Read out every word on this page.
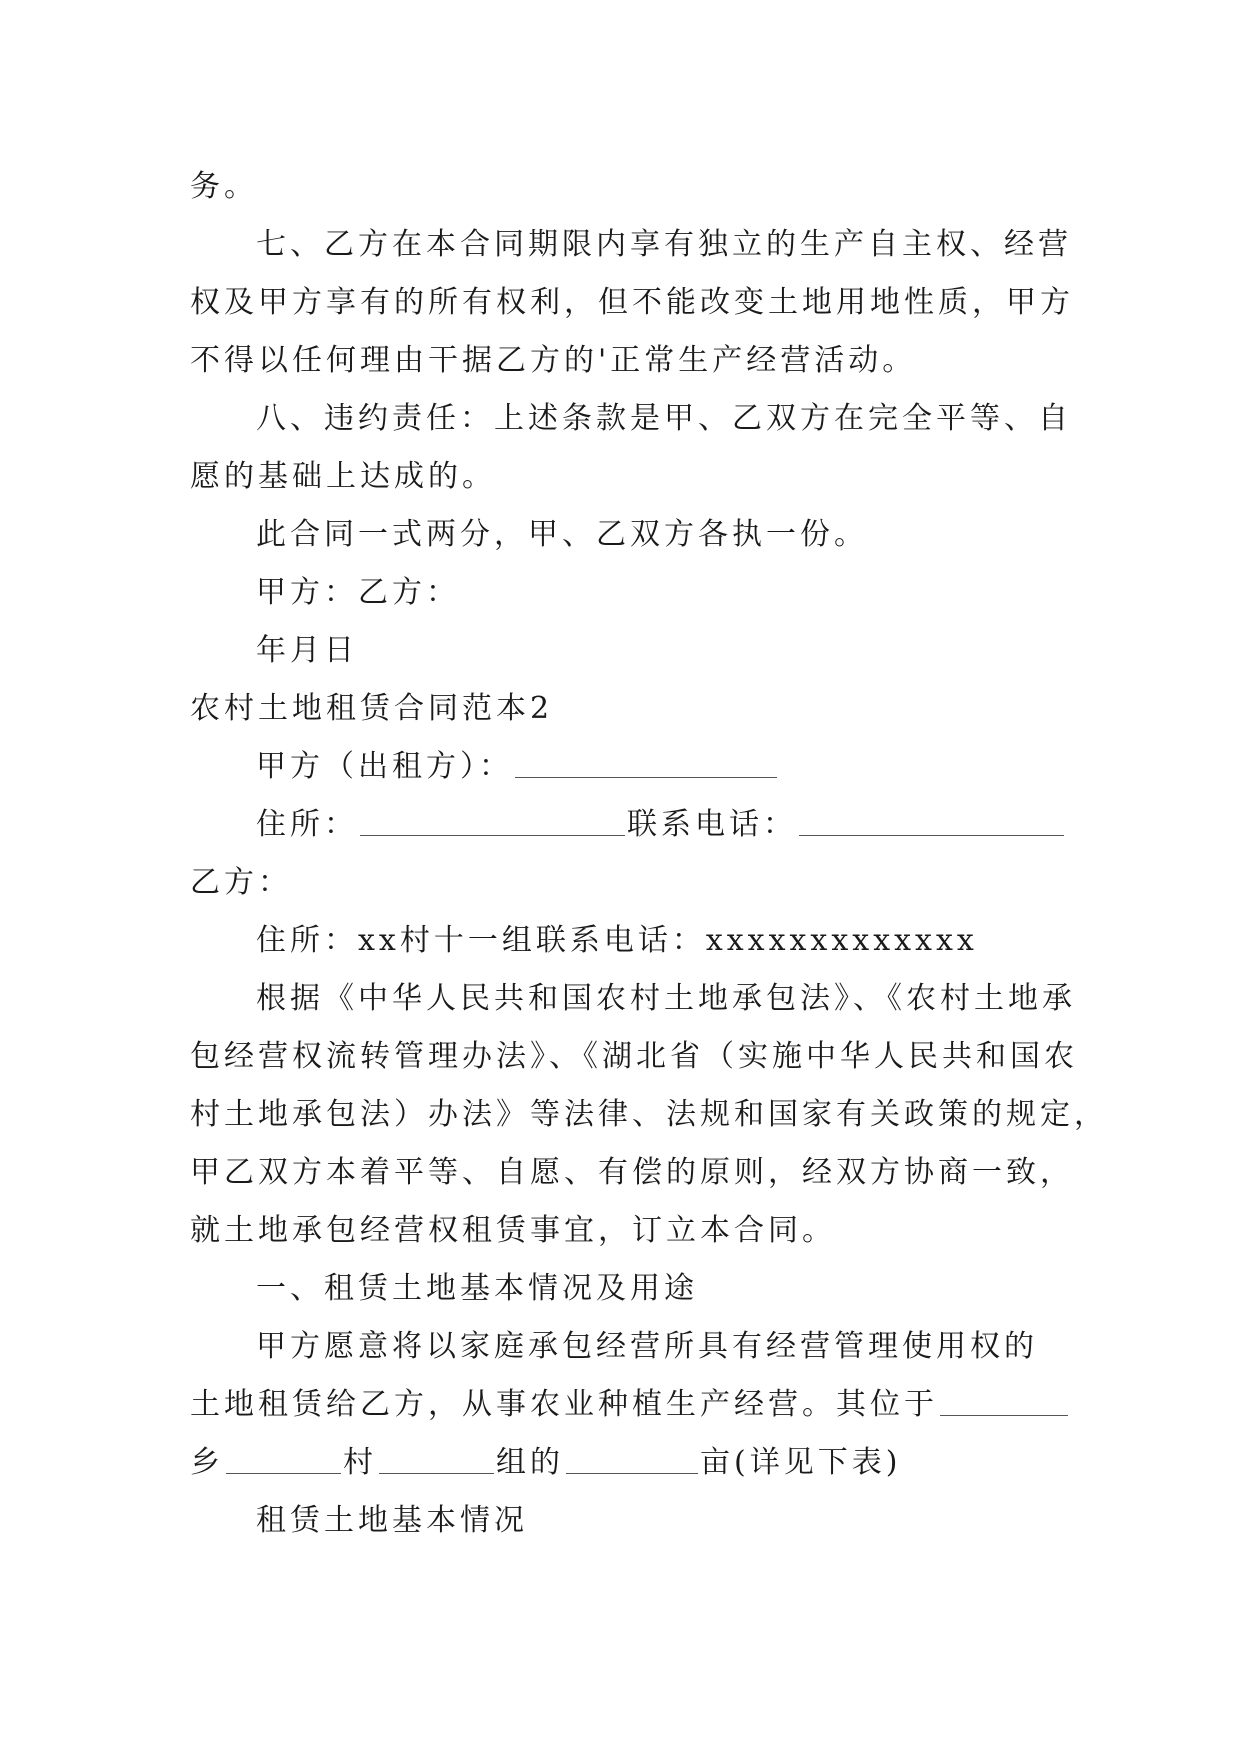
务。
七、乙方在本合同期限内享有独立的生产自主权、经营
权及甲方享有的所有权利，但不能改变土地用地性质，甲方
不得以任何理由干据乙方的'正常生产经营活动。
八、违约责任：上述条款是甲、乙双方在完全平等、自
愿的基础上达成的。
此合同一式两分，甲、乙双方各执一份。
甲方：乙方：
年月日
农村土地租赁合同范本2
甲方（出租方）：
住所：	联系电话：
乙方：
住所：xx村十一组联系电话：xxxxxxxxxxxxx
根据《中华人民共和国农村土地承包法》、《农村土地承
包经营权流转管理办法》、《湖北省（实施中华人民共和国农
村土地承包法）办法》等法律、法规和国家有关政策的规定，
甲乙双方本着平等、自愿、有偿的原则，经双方协商一致，
就土地承包经营权租赁事宜，订立本合同。
一、租赁土地基本情况及用途
甲方愿意将以家庭承包经营所具有经营管理使用权的
土地租赁给乙方，从事农业种植生产经营。其位于
乡	村	组的	亩(详见下表)
租赁土地基本情况
